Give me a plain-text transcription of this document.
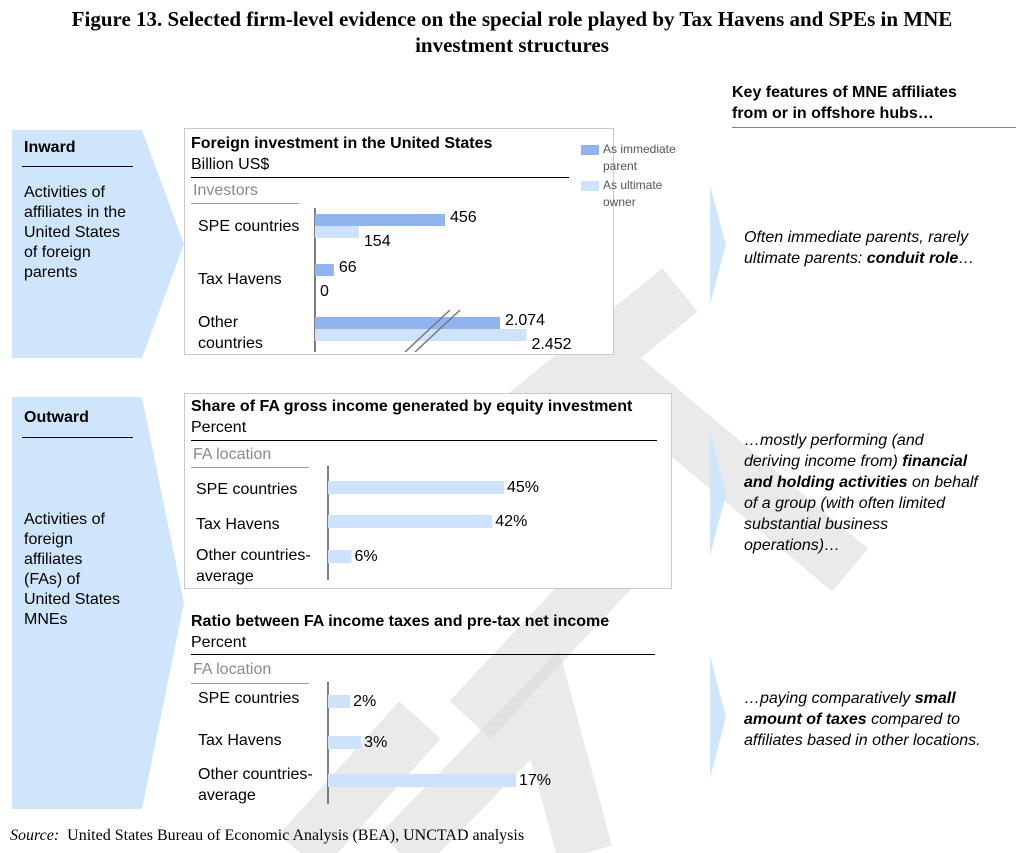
Figure 13. Selected firm-level evidence on the special role played by Tax Havens and SPEs in MNE
investment structures
Key features of MNE affiliates
from or in offshore hubs…
Inward
Activities of
affiliates in the
United States
of foreign
parents
Outward
Activities of
foreign
affiliates
(FAs) of
United States
MNEs
Often immediate parents, rarely
ultimate parents: conduit role…
…mostly performing (and
deriving income from) financial
and holding activities on behalf
of a group (with often limited
substantial business
operations)…
…paying comparatively small
amount of taxes compared to
affiliates based in other locations.
Foreign investment in the United States
Billion US$
Investors
As immediate parent
As ultimate owner
SPE countries
Tax Havens
Other countries
456
154
66
0
2.074
2.452
Share of FA gross income generated by equity investment
Percent
FA location
SPE countries
Tax Havens
Other countries-average
45%
42%
6%
Ratio between FA income taxes and pre-tax net income
Percent
FA location
SPE countries
Tax Havens
Other countries-average
2%
3%
17%
Source: United States Bureau of Economic Analysis (BEA), UNCTAD analysis
